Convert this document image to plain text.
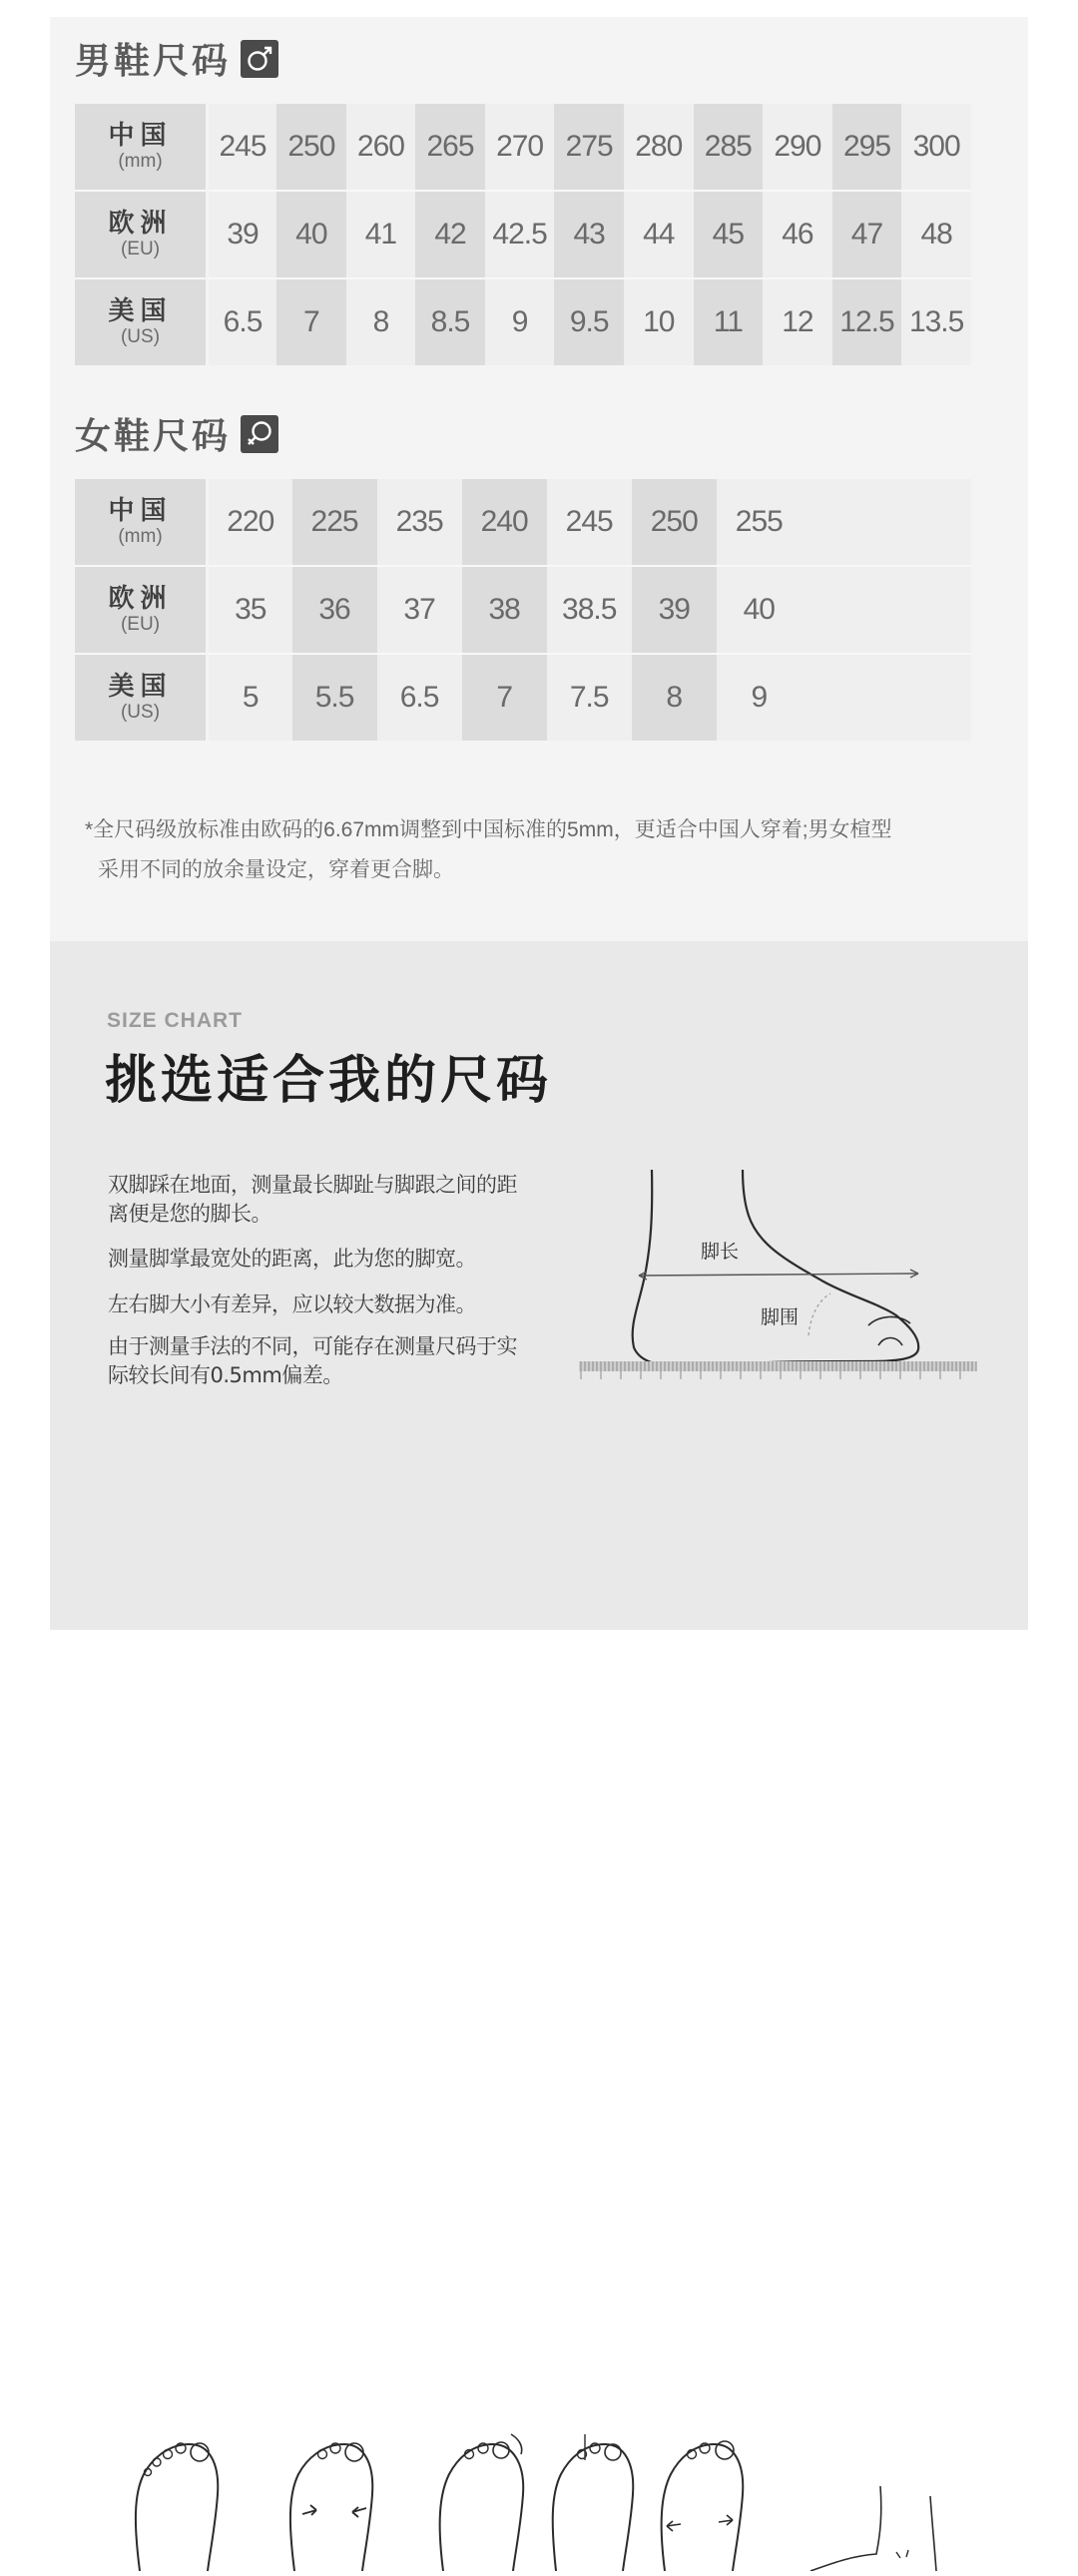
男鞋尺码
中国
(mm)	245	250	260	265	270	275	280	285	290	295	300

欧洲
(EU)	39	40	41	42	42.5	43	44	45	46	47	48

美国
(US)	6.5	7	8	8.5	9	9.5	10	11	12	12.5	13.5
女鞋尺码
中国
(mm)	220	225	235	240	245	250	255		

欧洲
(EU)	35	36	37	38	38.5	39	40		

美国
(US)	5	5.5	6.5	7	7.5	8	9		
*全尺码级放标准由欧码的6.67mm调整到中国标准的5mm，更适合中国人穿着;男女楦型
采用不同的放余量设定，穿着更合脚。
SIZE CHART
挑选适合我的尺码
双脚踩在地面，测量最长脚趾与脚跟之间的距
离便是您的脚长。
测量脚掌最宽处的距离，此为您的脚宽。
左右脚大小有差异，应以较大数据为准。
由于测量手法的不同，可能存在测量尺码于实
际较长间有0.5mm偏差。
脚长
脚围
